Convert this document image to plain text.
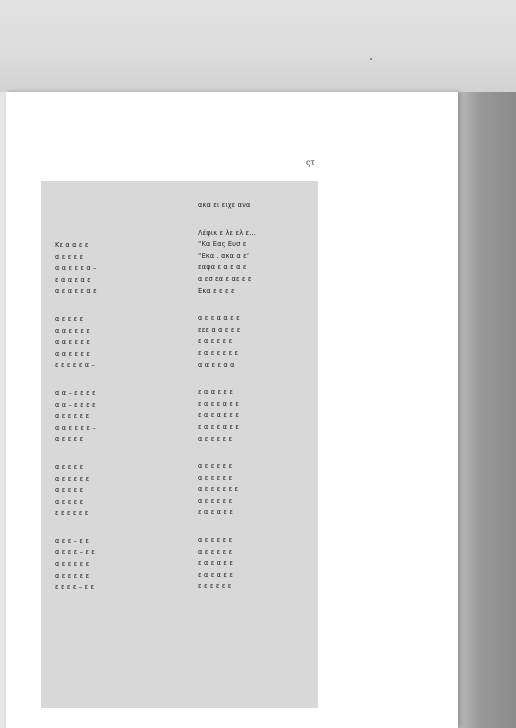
ςτ
Κε α α ε ε
α ε ε ε ε
α α ε ε ε α –
ε α α ε α ε
α ε α ε ε α ε
α ε ε ε ε
α α ε ε ε ε
α α ε ε ε ε
α α ε ε ε ε
ε ε ε ε ε α –
α α – ε ε ε ε
α α – ε ε ε ε
α ε ε ε ε ε
α α ε ε ε ε –
α ε ε ε ε
α ε ε ε ε
α ε ε ε ε ε
α ε ε ε ε
α ε ε ε ε
ε ε ε ε ε ε
α ε ε – ε ε
α ε ε ε – ε ε
α ε ε ε ε ε
α ε ε ε ε ε
ε ε ε ε – ε ε
ακα ει ειχε ανα
Λέφικ ε λε ελ ε…
“Κα Εας Ευσ ε
“Εκα . ακα α ε’
εαφα ε α ε α ε
α εσ εα ε αε ε ε
Εκα ε ε ε ε
α ε ε α α ε ε
εεε α α ε ε ε
ε α ε ε ε ε
ε α ε ε ε ε ε
α α ε ε α α
ε α α ε ε ε
ε α ε ε α ε ε
ε α ε α ε ε ε
ε α ε ε α ε ε
α ε ε ε ε ε
α ε ε ε ε ε
α ε ε ε ε ε
α ε ε ε ε ε ε
α ε ε ε ε ε
ε α ε α ε ε
α ε ε ε ε ε
α ε ε ε ε ε
ε α ε α ε ε
ε α ε α ε ε
ε ε ε ε ε ε
